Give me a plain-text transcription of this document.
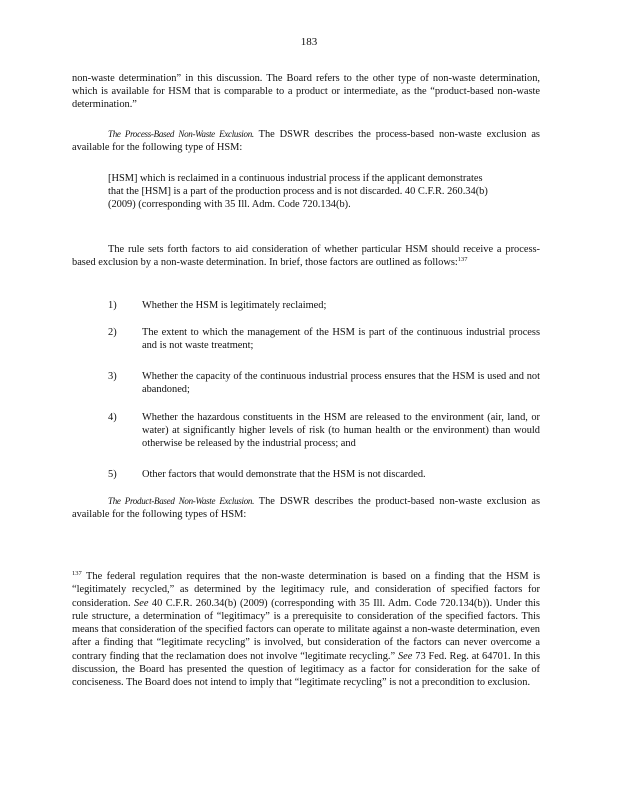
183

non-waste determination” in this discussion. The Board refers to the other type of non-waste determination, which is available for HSM that is comparable to a product or intermediate, as the “product-based non-waste determination.”

The Process-Based Non-Waste Exclusion. The DSWR describes the process-based non-waste exclusion as available for the following type of HSM:

[HSM] which is reclaimed in a continuous industrial process if the applicant demonstrates that the [HSM] is a part of the production process and is not discarded. 40 C.F.R. 260.34(b) (2009) (corresponding with 35 Ill. Adm. Code 720.134(b).

The rule sets forth factors to aid consideration of whether particular HSM should receive a process-based exclusion by a non-waste determination. In brief, those factors are outlined as follows:$^{137}$

1)	Whether the HSM is legitimately reclaimed;
2)	The extent to which the management of the HSM is part of the continuous industrial process and is not waste treatment;
3)	Whether the capacity of the continuous industrial process ensures that the HSM is used and not abandoned;
4)	Whether the hazardous constituents in the HSM are released to the environment (air, land, or water) at significantly higher levels of risk (to human health or the environment) than would otherwise be released by the industrial process; and
5)	Other factors that would demonstrate that the HSM is not discarded.

The Product-Based Non-Waste Exclusion. The DSWR describes the product-based non-waste exclusion as available for the following types of HSM:

$^{137}$ The federal regulation requires that the non-waste determination is based on a finding that the HSM is “legitimately recycled,” as determined by the legitimacy rule, and consideration of specified factors for consideration. See 40 C.F.R. 260.34(b) (2009) (corresponding with 35 Ill. Adm. Code 720.134(b)). Under this rule structure, a determination of “legitimacy” is a prerequisite to consideration of the specified factors. This means that consideration of the specified factors can operate to militate against a non-waste determination, even after a finding that “legitimate recycling” is involved, but consideration of the factors can never overcome a contrary finding that the reclamation does not involve “legitimate recycling.” See 73 Fed. Reg. at 64701. In this discussion, the Board has presented the question of legitimacy as a factor for consideration for the sake of conciseness. The Board does not intend to imply that “legitimate recycling” is not a precondition to exclusion.
